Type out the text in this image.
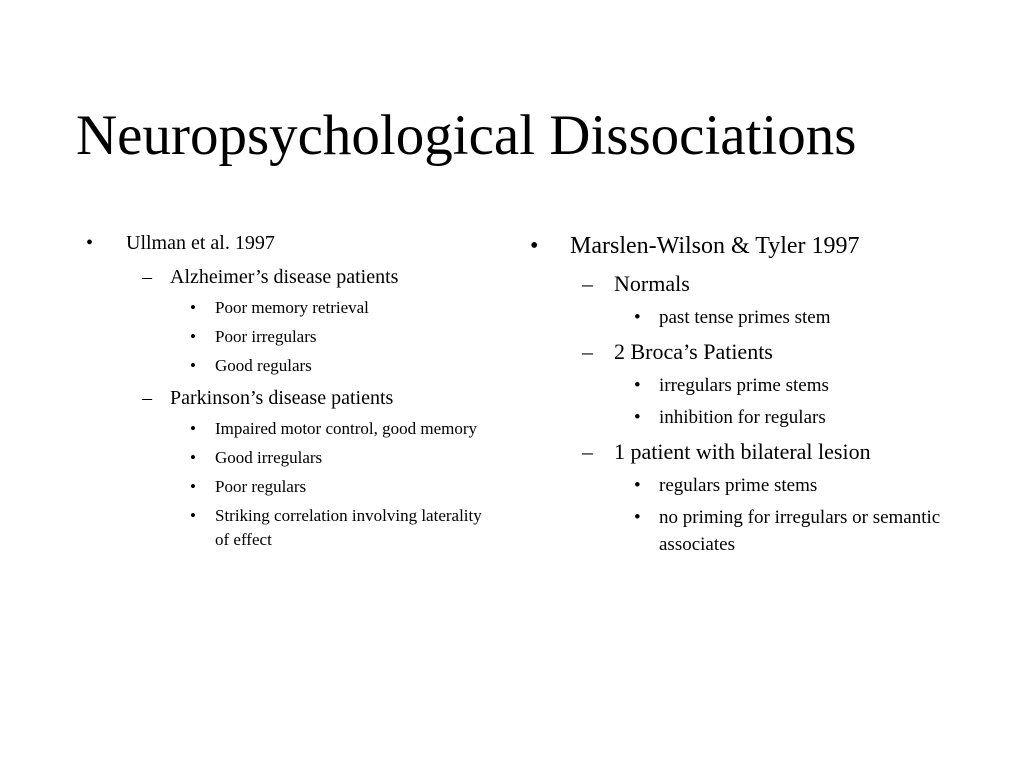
Neuropsychological Dissociations
• Ullman et al. 1997
– Alzheimer’s disease patients
• Poor memory retrieval
• Poor irregulars
• Good regulars
– Parkinson’s disease patients
• Impaired motor control, good memory
• Good irregulars
• Poor regulars
• Striking correlation involving laterality of effect
• Marslen-Wilson & Tyler 1997
– Normals
• past tense primes stem
– 2 Broca’s Patients
• irregulars prime stems
• inhibition for regulars
– 1 patient with bilateral lesion
• regulars prime stems
• no priming for irregulars or semantic associates
